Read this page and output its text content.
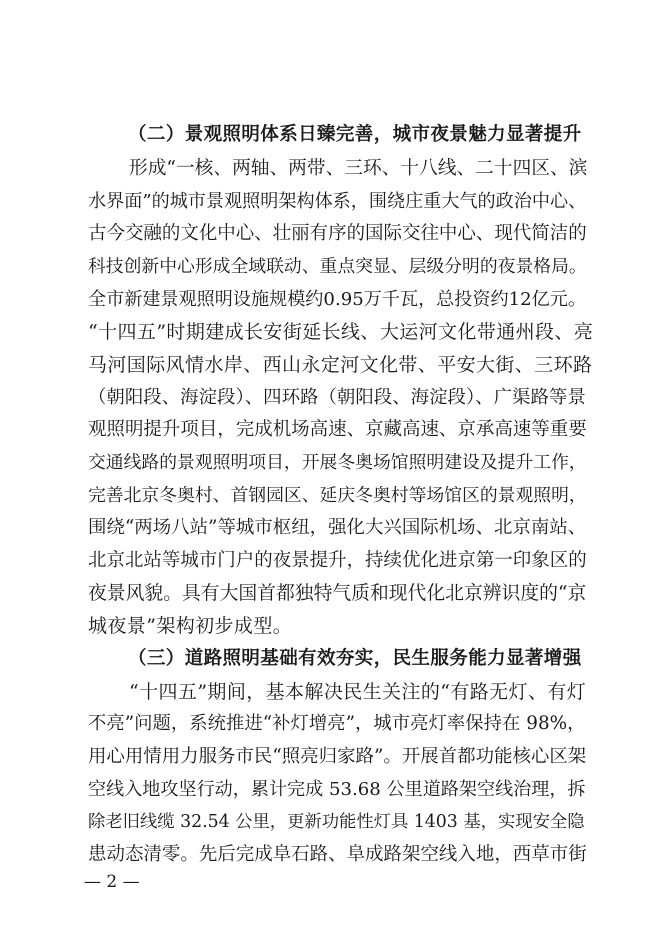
（二）景观照明体系日臻完善，城市夜景魅力显著提升
形成“一核、两轴、两带、三环、十八线、二十四区、滨
水界面”的城市景观照明架构体系，围绕庄重大气的政治中心、
古今交融的文化中心、壮丽有序的国际交往中心、现代简洁的
科技创新中心形成全域联动、重点突显、层级分明的夜景格局。
全市新建景观照明设施规模约0.95万千瓦，总投资约12亿元。
“十四五”时期建成长安街延长线、大运河文化带通州段、亮
马河国际风情水岸、西山永定河文化带、平安大街、三环路
（朝阳段、海淀段）、四环路（朝阳段、海淀段）、广渠路等景
观照明提升项目，完成机场高速、京藏高速、京承高速等重要
交通线路的景观照明项目，开展冬奥场馆照明建设及提升工作，
完善北京冬奥村、首钢园区、延庆冬奥村等场馆区的景观照明，
围绕“两场八站”等城市枢纽，强化大兴国际机场、北京南站、
北京北站等城市门户的夜景提升，持续优化进京第一印象区的
夜景风貌。具有大国首都独特气质和现代化北京辨识度的“京
城夜景”架构初步成型。
（三）道路照明基础有效夯实，民生服务能力显著增强
“十四五”期间，基本解决民生关注的“有路无灯、有灯
不亮”问题，系统推进“补灯增亮”，城市亮灯率保持在 98%，
用心用情用力服务市民“照亮归家路”。开展首都功能核心区架
空线入地攻坚行动，累计完成 53.68 公里道路架空线治理，拆
除老旧线缆 32.54 公里，更新功能性灯具 1403 基，实现安全隐
患动态清零。先后完成阜石路、阜成路架空线入地，西草市街
— 2 —
